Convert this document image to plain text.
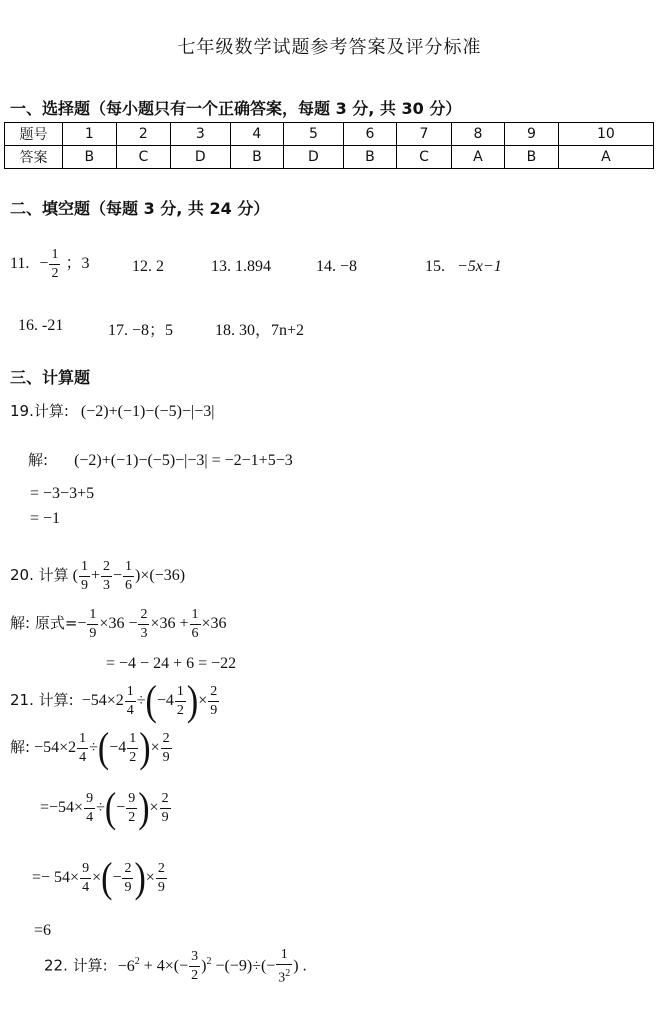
七年级数学试题参考答案及评分标准
一、选择题（每小题只有一个正确答案，每题 3 分, 共 30 分）
题号	1	2	3	4	5	6	7	8	9	10
答案	B	C	D	B	D	B	C	A	B	A
二、填空题（每题 3 分, 共 24 分）
11. − $\frac{1}{2}$ ；3	12. 2	13. 1.894	14. −8	15. −5x−1
16. -21	17. −8；5	18. 30，7n+2
三、计算题
19.计算: (−2)+(−1)−(−5)−|−3|
解: (−2)+(−1)−(−5)−|−3| = −2−1+5−3
= −3−3+5
= −1
20. 计算 ( $\frac{1}{9} + \frac{2}{3} - \frac{1}{6} )\times(-36)$
解: 原式=− $\frac{1}{9} \times 36 - \frac{2}{3} \times 36 + \frac{1}{6} \times 36$
= −4 − 24 + 6 = −22
21. 计算: $-54\times 2 \frac{1}{4} \div(-4 \frac{1}{2}$ )× $\frac{2}{9}$
解: $-54\times 2 \frac{1}{4} \div(-4 \frac{1}{2}$ )× $\frac{2}{9}$
$=-54\times \frac{9}{4}$ ÷(− $\frac{9}{2}$ )× $\frac{2}{9}$
=− $54\times \frac{9}{4}$ ×(− $\frac{2}{9}$ )× $\frac{2}{9}$
=6
22. 计算: $-6^2 + 4\times(- \frac{3}{2} )^2 -(-9)\div(- \frac{1}{3^2}$ ) .
